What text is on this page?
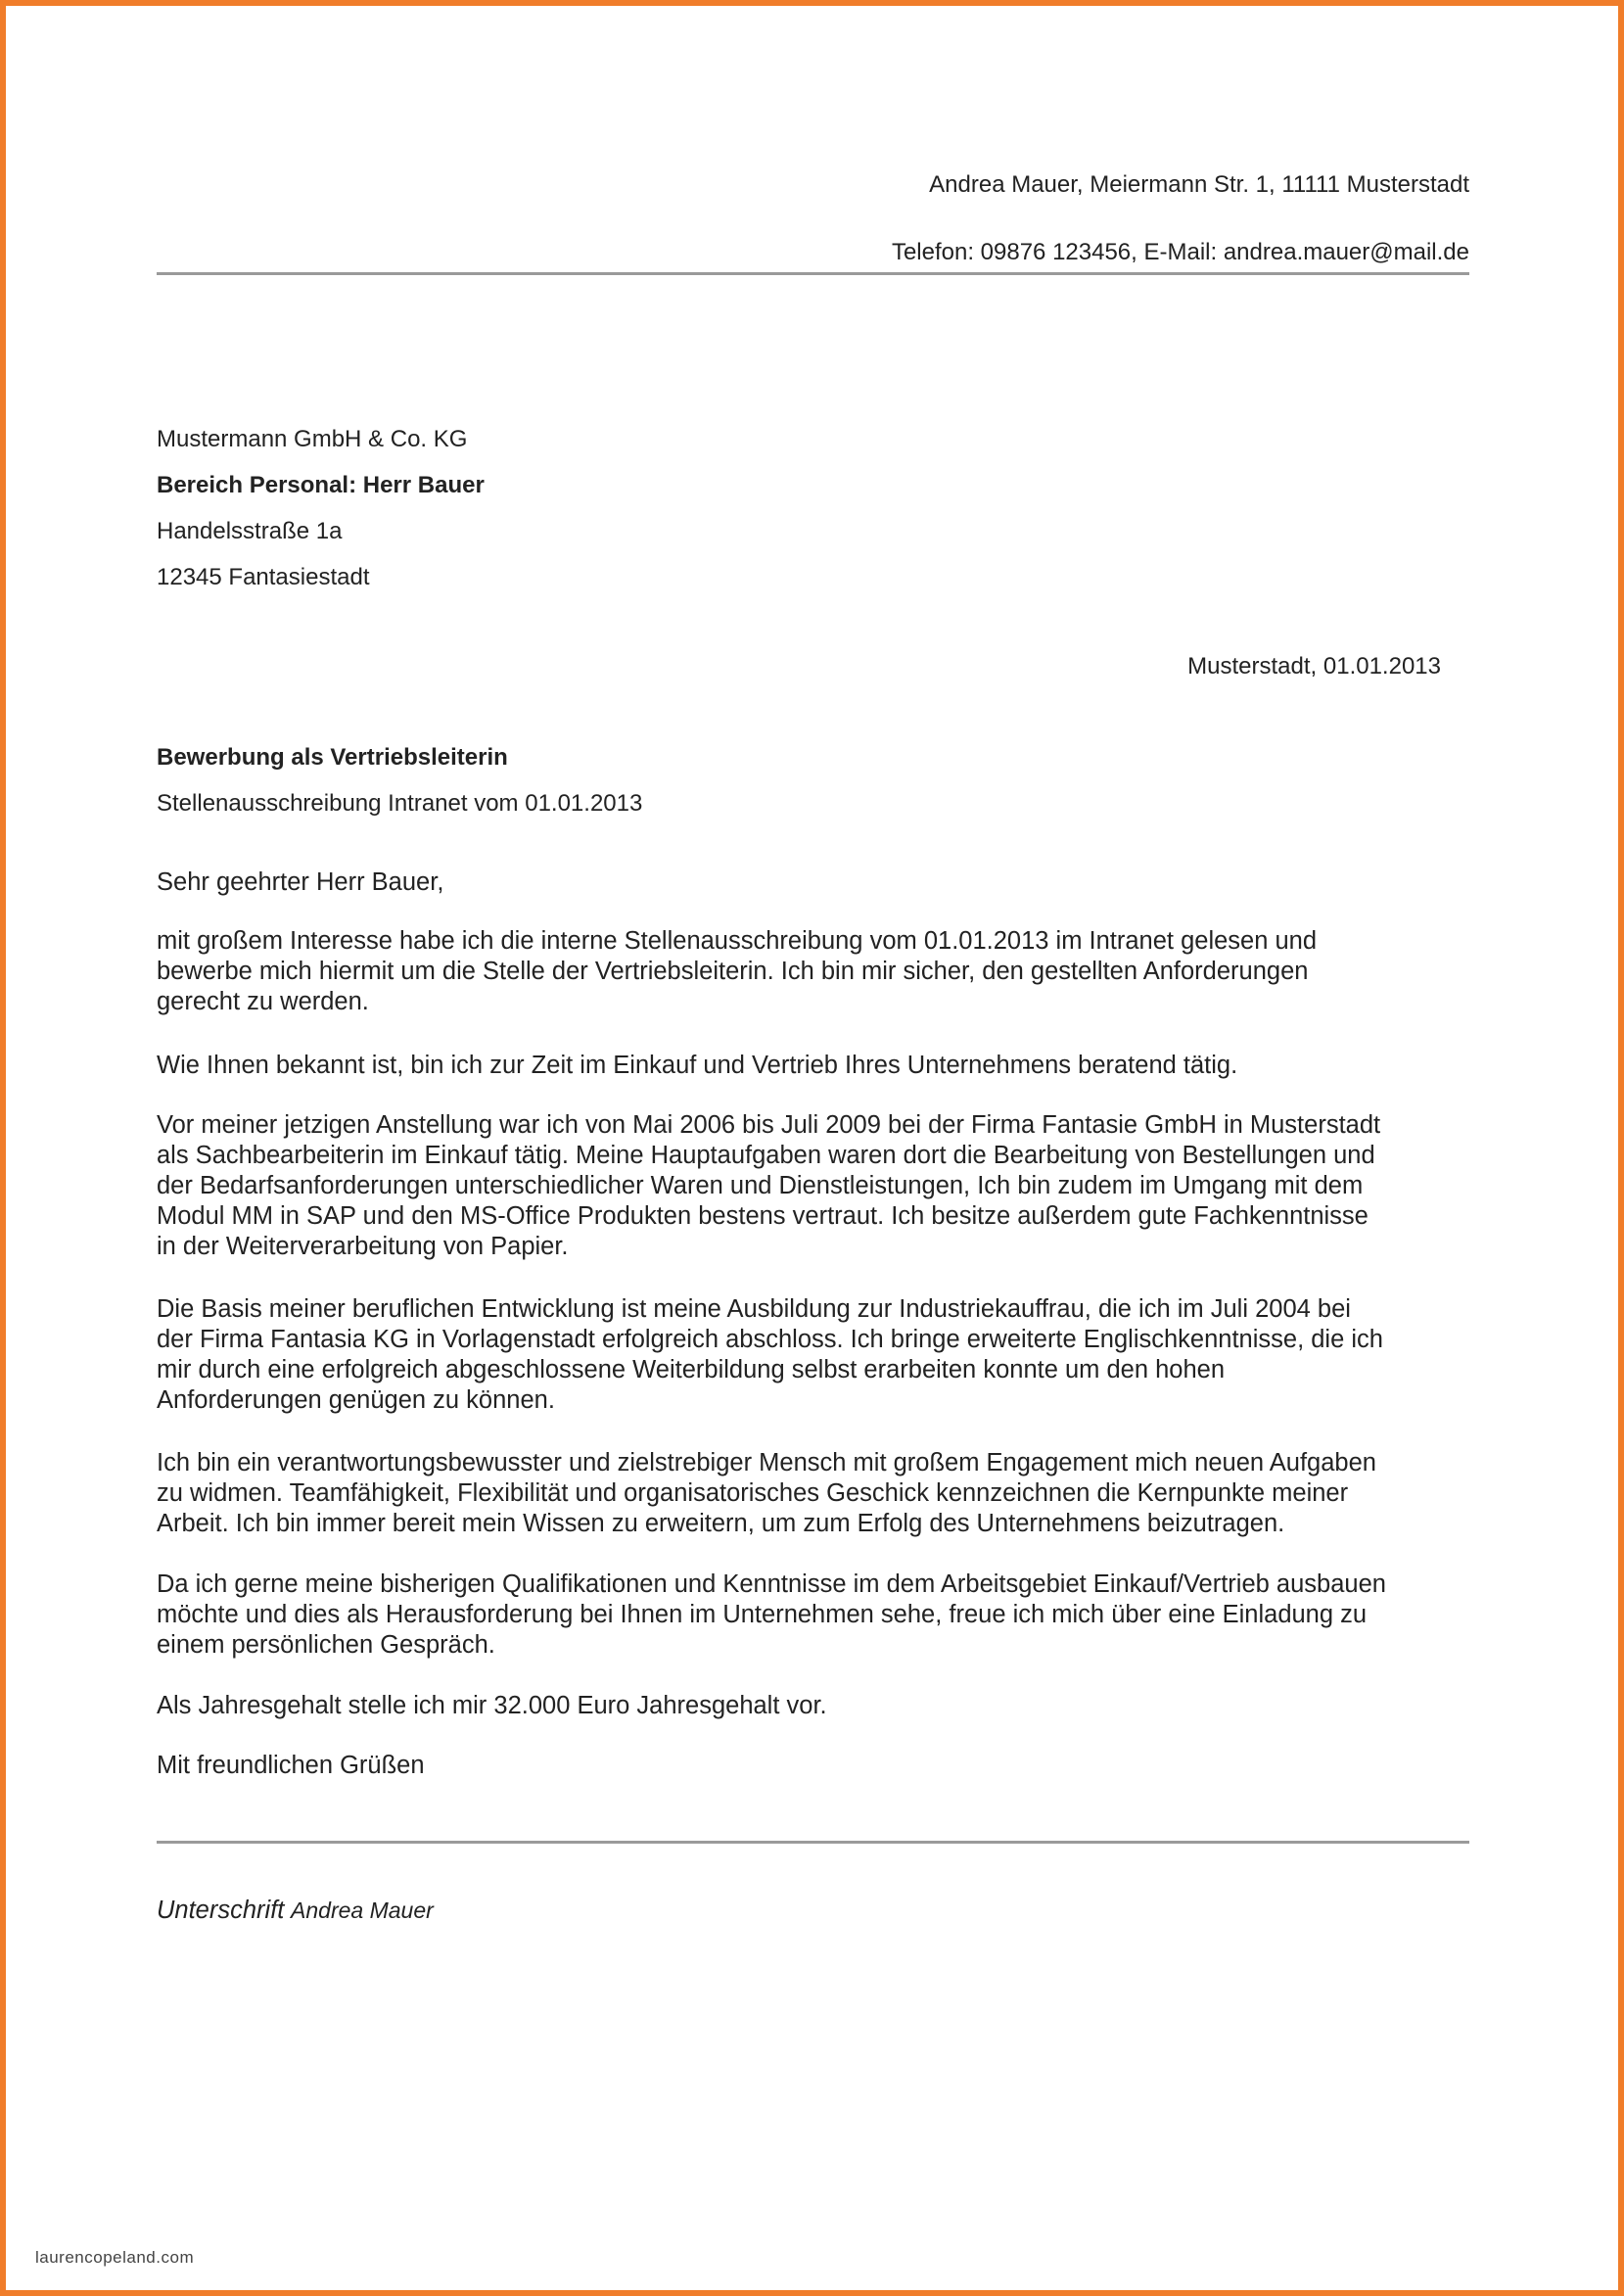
Andrea Mauer, Meiermann Str. 1, 11111 Musterstadt
Telefon: 09876 123456, E-Mail: andrea.mauer@mail.de
Mustermann GmbH & Co. KG
Bereich Personal: Herr Bauer
Handelsstraße 1a
12345 Fantasiestadt
Musterstadt, 01.01.2013
Bewerbung als Vertriebsleiterin
Stellenausschreibung Intranet vom 01.01.2013
Sehr geehrter Herr Bauer,
mit großem Interesse habe ich die interne Stellenausschreibung vom 01.01.2013 im Intranet gelesen und
bewerbe mich hiermit um die Stelle der Vertriebsleiterin. Ich bin mir sicher, den gestellten Anforderungen
gerecht zu werden.
Wie Ihnen bekannt ist, bin ich zur Zeit im Einkauf und Vertrieb Ihres Unternehmens beratend tätig.
Vor meiner jetzigen Anstellung war ich von Mai 2006 bis Juli 2009 bei der Firma Fantasie GmbH in Musterstadt
als Sachbearbeiterin im Einkauf tätig. Meine Hauptaufgaben waren dort die Bearbeitung von Bestellungen und
der Bedarfsanforderungen unterschiedlicher Waren und Dienstleistungen, Ich bin zudem im Umgang mit dem
Modul MM in SAP und den MS-Office Produkten bestens vertraut. Ich besitze außerdem gute Fachkenntnisse
in der Weiterverarbeitung von Papier.
Die Basis meiner beruflichen Entwicklung ist meine Ausbildung zur Industriekauffrau, die ich im Juli 2004 bei
der Firma Fantasia KG in Vorlagenstadt erfolgreich abschloss. Ich bringe erweiterte Englischkenntnisse, die ich
mir durch eine erfolgreich abgeschlossene Weiterbildung selbst erarbeiten konnte um den hohen
Anforderungen genügen zu können.
Ich bin ein verantwortungsbewusster und zielstrebiger Mensch mit großem Engagement mich neuen Aufgaben
zu widmen. Teamfähigkeit, Flexibilität und organisatorisches Geschick kennzeichnen die Kernpunkte meiner
Arbeit. Ich bin immer bereit mein Wissen zu erweitern, um zum Erfolg des Unternehmens beizutragen.
Da ich gerne meine bisherigen Qualifikationen und Kenntnisse im dem Arbeitsgebiet Einkauf/Vertrieb ausbauen
möchte und dies als Herausforderung bei Ihnen im Unternehmen sehe, freue ich mich über eine Einladung zu
einem persönlichen Gespräch.
Als Jahresgehalt stelle ich mir 32.000 Euro Jahresgehalt vor.
Mit freundlichen Grüßen
Unterschrift Andrea Mauer
laurencopeland.com
